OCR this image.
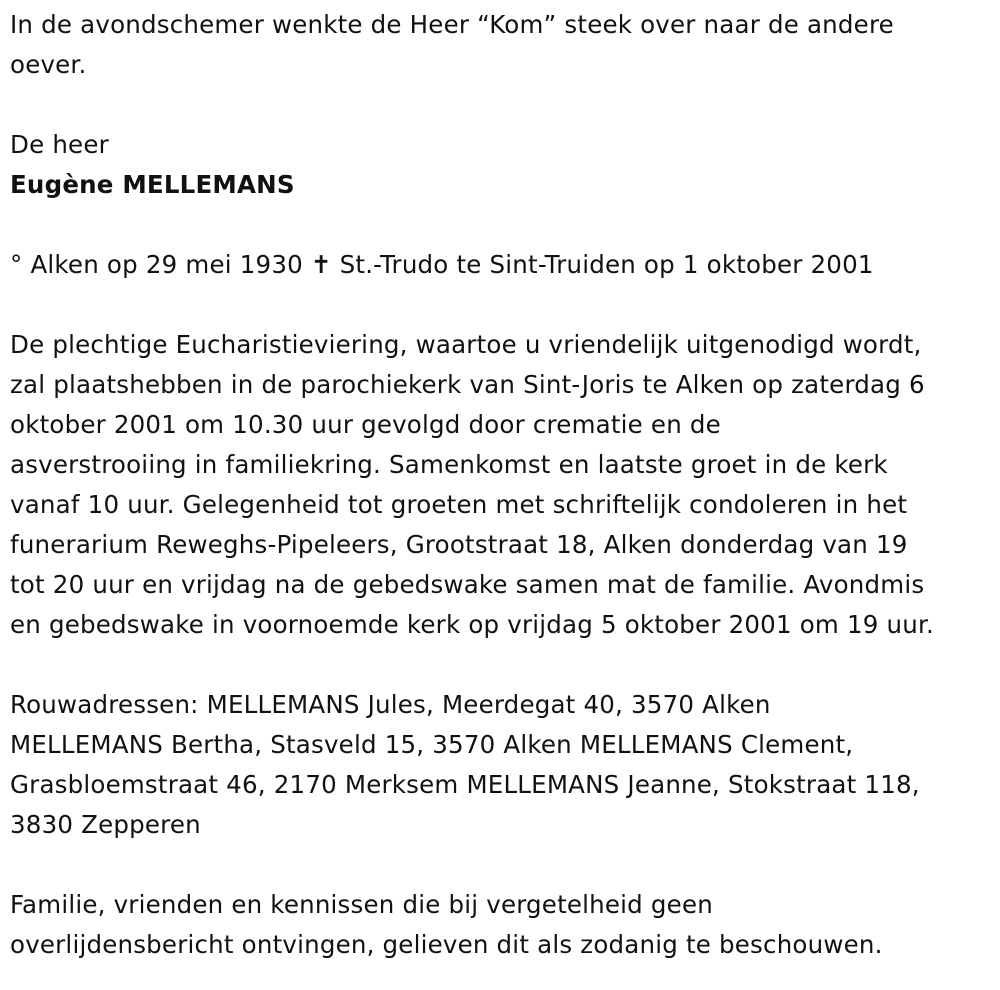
In de avondschemer wenkte de Heer “Kom” steek over naar de andere
oever.
De heer
Eugène MELLEMANS
° Alken op 29 mei 1930 ✝ St.-Trudo te Sint-Truiden op 1 oktober 2001
De plechtige Eucharistieviering, waartoe u vriendelijk uitgenodigd wordt,
zal plaatshebben in de parochiekerk van Sint-Joris te Alken op zaterdag 6
oktober 2001 om 10.30 uur gevolgd door crematie en de
asverstrooiing in familiekring. Samenkomst en laatste groet in de kerk
vanaf 10 uur. Gelegenheid tot groeten met schriftelijk condoleren in het
funerarium Reweghs-Pipeleers, Grootstraat 18, Alken donderdag van 19
tot 20 uur en vrijdag na de gebedswake samen mat de familie. Avondmis
en gebedswake in voornoemde kerk op vrijdag 5 oktober 2001 om 19 uur.
Rouwadressen: MELLEMANS Jules, Meerdegat 40, 3570 Alken
MELLEMANS Bertha, Stasveld 15, 3570 Alken MELLEMANS Clement,
Grasbloemstraat 46, 2170 Merksem MELLEMANS Jeanne, Stokstraat 118,
3830 Zepperen
Familie, vrienden en kennissen die bij vergetelheid geen
overlijdensbericht ontvingen, gelieven dit als zodanig te beschouwen.
